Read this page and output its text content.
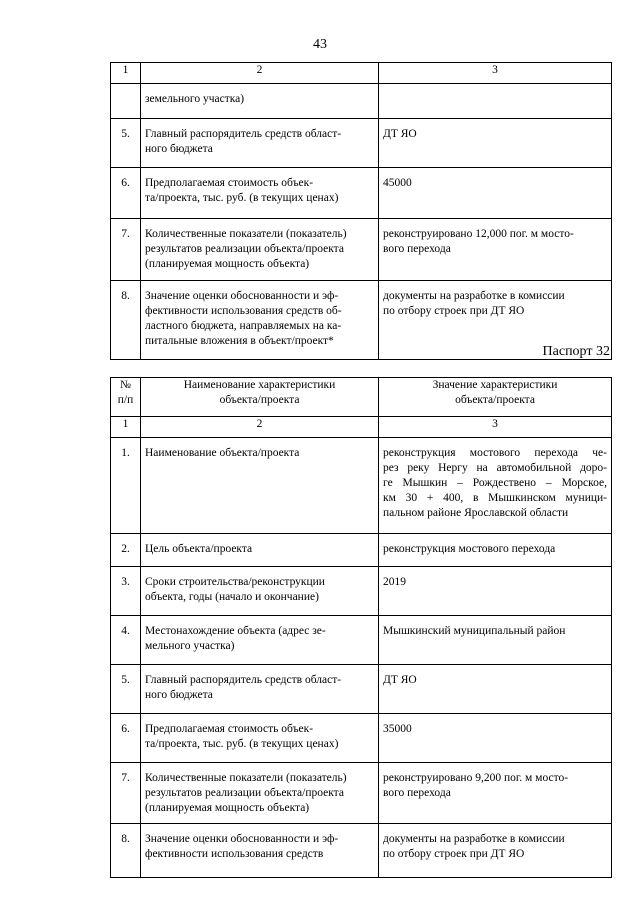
43
1	2	3

	земельного участка)	

5.	Главный распорядитель средств област-
ного бюджета	ДТ ЯО

6.	Предполагаемая стоимость объек-
та/проекта, тыс. руб. (в текущих ценах)	45000

7.	Количественные показатели (показатель)
результатов реализации объекта/проекта
(планируемая мощность объекта)	реконструировано 12,000 пог. м мосто-
вого перехода

8.	Значение оценки обоснованности и эф-
фективности использования средств об-
ластного бюджета, направляемых на ка-
питальные вложения в объект/проект*	документы на разработке в комиссии
по отбору строек при ДТ ЯО
Паспорт 32
№
п/п	Наименование характеристики
объекта/проекта	Значение характеристики
объекта/проекта

1	2	3
1.	Наименование объекта/проекта	реконструкция мостового перехода че-
рез реку Нергу на автомобильной доро-
ге Мышкин – Рождествено – Морское,
км 30 + 400, в Мышкинском муници-
пальном районе Ярославской области

2.	Цель объекта/проекта	реконструкция мостового перехода

3.	Сроки строительства/реконструкции
объекта, годы (начало и окончание)	2019

4.	Местонахождение объекта (адрес зе-
мельного участка)	Мышкинский муниципальный район

5.	Главный распорядитель средств област-
ного бюджета	ДТ ЯО

6.	Предполагаемая стоимость объек-
та/проекта, тыс. руб. (в текущих ценах)	35000

7.	Количественные показатели (показатель)
результатов реализации объекта/проекта
(планируемая мощность объекта)	реконструировано 9,200 пог. м мосто-
вого перехода

8.	Значение оценки обоснованности и эф-
фективности использования средств	документы на разработке в комиссии
по отбору строек при ДТ ЯО
